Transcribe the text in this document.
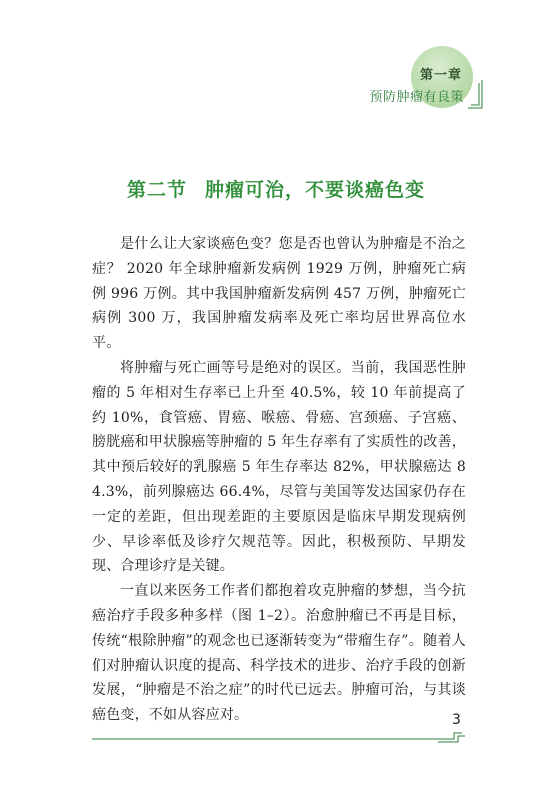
第一章
预防肿瘤有良策
第二节 肿瘤可治，不要谈癌色变

是什么让大家谈癌色变？您是否也曾认为肿瘤是不治之症？ 2020 年全球肿瘤新发病例 1929 万例，肿瘤死亡病例 996 万例。其中我国肿瘤新发病例 457 万例，肿瘤死亡病例 300 万，我国肿瘤发病率及死亡率均居世界高位水平。

将肿瘤与死亡画等号是绝对的误区。当前，我国恶性肿瘤的 5 年相对生存率已上升至 40.5%，较 10 年前提高了约 10%，食管癌、胃癌、喉癌、骨癌、宫颈癌、子宫癌、膀胱癌和甲状腺癌等肿瘤的 5 年生存率有了实质性的改善，其中预后较好的乳腺癌 5 年生存率达 82%，甲状腺癌达 84.3%，前列腺癌达 66.4%，尽管与美国等发达国家仍存在一定的差距，但出现差距的主要原因是临床早期发现病例少、早诊率低及诊疗欠规范等。因此，积极预防、早期发现、合理诊疗是关键。

一直以来医务工作者们都抱着攻克肿瘤的梦想，当今抗癌治疗手段多种多样（图 1–2）。治愈肿瘤已不再是目标，传统“根除肿瘤”的观念也已逐渐转变为“带瘤生存”。随着人们对肿瘤认识度的提高、科学技术的进步、治疗手段的创新发展，“肿瘤是不治之症”的时代已远去。肿瘤可治，与其谈癌色变，不如从容应对。	3
